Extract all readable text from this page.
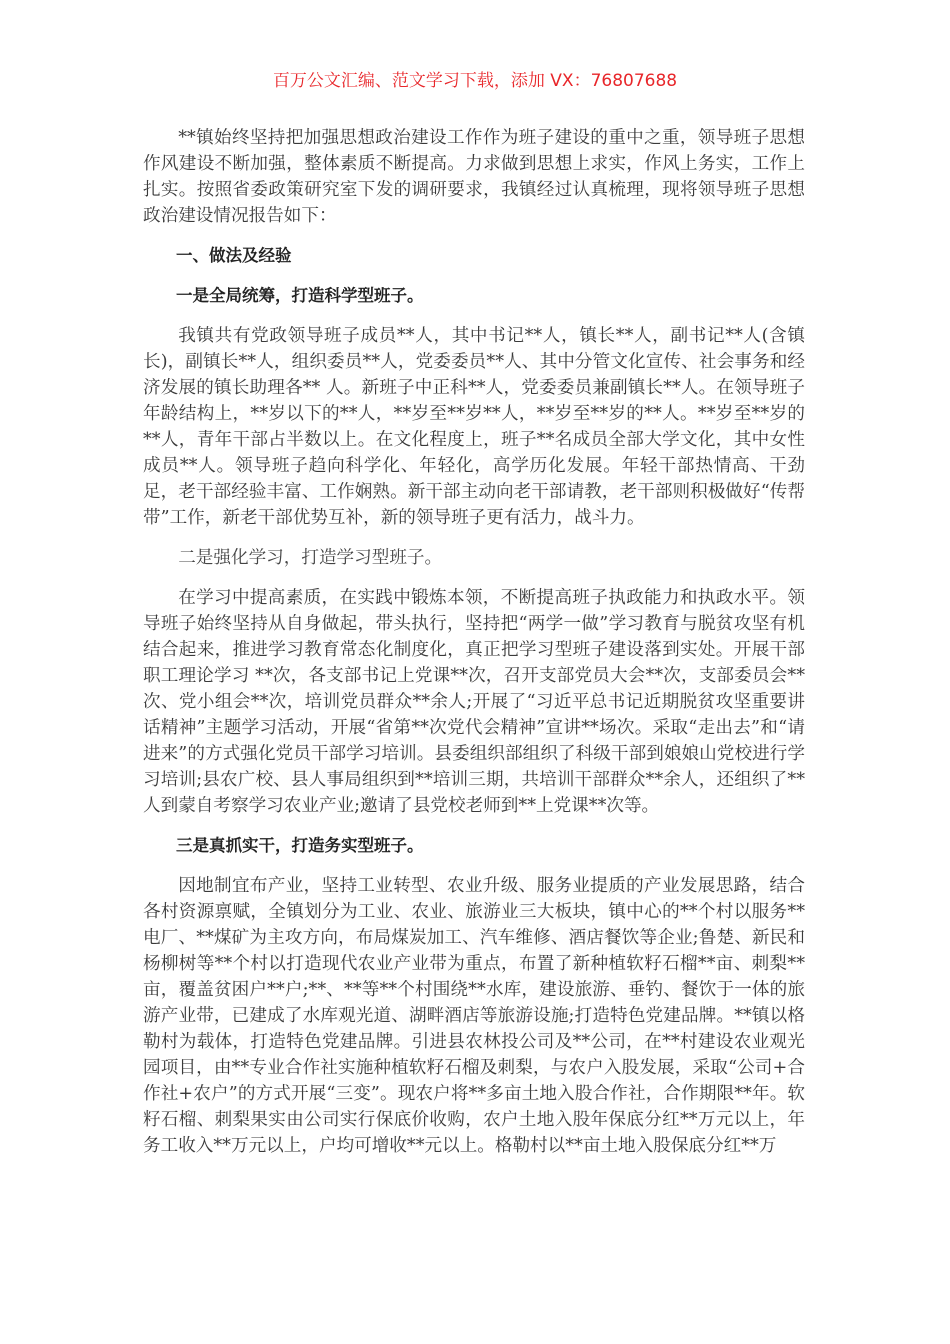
百万公文汇编、范文学习下载，添加 VX：76807688

**镇始终坚持把加强思想政治建设工作作为班子建设的重中之重，领导班子思想作风建设不断加强，整体素质不断提高。力求做到思想上求实，作风上务实，工作上扎实。按照省委政策研究室下发的调研要求，我镇经过认真梳理，现将领导班子思想政治建设情况报告如下：

一、做法及经验

一是全局统筹，打造科学型班子。

我镇共有党政领导班子成员**人，其中书记**人，镇长**人，副书记**人(含镇长)，副镇长**人，组织委员**人，党委委员**人、其中分管文化宣传、社会事务和经济发展的镇长助理各** 人。新班子中正科**人，党委委员兼副镇长**人。在领导班子年龄结构上，**岁以下的**人，**岁至**岁**人，**岁至**岁的**人。**岁至**岁的**人，青年干部占半数以上。在文化程度上，班子**名成员全部大学文化，其中女性成员**人。领导班子趋向科学化、年轻化，高学历化发展。年轻干部热情高、干劲足，老干部经验丰富、工作娴熟。新干部主动向老干部请教，老干部则积极做好“传帮带”工作，新老干部优势互补，新的领导班子更有活力，战斗力。

二是强化学习，打造学习型班子。

在学习中提高素质，在实践中锻炼本领，不断提高班子执政能力和执政水平。领导班子始终坚持从自身做起，带头执行，坚持把“两学一做”学习教育与脱贫攻坚有机结合起来，推进学习教育常态化制度化，真正把学习型班子建设落到实处。开展干部职工理论学习 **次，各支部书记上党课**次，召开支部党员大会**次，支部委员会**次、党小组会**次，培训党员群众**余人;开展了“习近平总书记近期脱贫攻坚重要讲话精神”主题学习活动，开展“省第**次党代会精神”宣讲**场次。采取“走出去”和“请进来”的方式强化党员干部学习培训。县委组织部组织了科级干部到娘娘山党校进行学习培训;县农广校、县人事局组织到**培训三期，共培训干部群众**余人，还组织了**人到蒙自考察学习农业产业;邀请了县党校老师到**上党课**次等。

三是真抓实干，打造务实型班子。

因地制宜布产业，坚持工业转型、农业升级、服务业提质的产业发展思路，结合各村资源禀赋，全镇划分为工业、农业、旅游业三大板块，镇中心的**个村以服务**电厂、**煤矿为主攻方向，布局煤炭加工、汽车维修、酒店餐饮等企业;鲁楚、新民和杨柳树等**个村以打造现代农业产业带为重点，布置了新种植软籽石榴**亩、刺梨**亩，覆盖贫困户**户;**、**等**个村围绕**水库，建设旅游、垂钓、餐饮于一体的旅游产业带，已建成了水库观光道、湖畔酒店等旅游设施;打造特色党建品牌。**镇以格勒村为载体，打造特色党建品牌。引进县农林投公司及**公司，在**村建设农业观光园项目，由**专业合作社实施种植软籽石榴及刺梨，与农户入股发展，采取“公司+合作社+农户”的方式开展“三变”。现农户将**多亩土地入股合作社，合作期限**年。软籽石榴、刺梨果实由公司实行保底价收购，农户土地入股年保底分红**万元以上，年务工收入**万元以上，户均可增收**元以上。格勒村以**亩土地入股保底分红**万
